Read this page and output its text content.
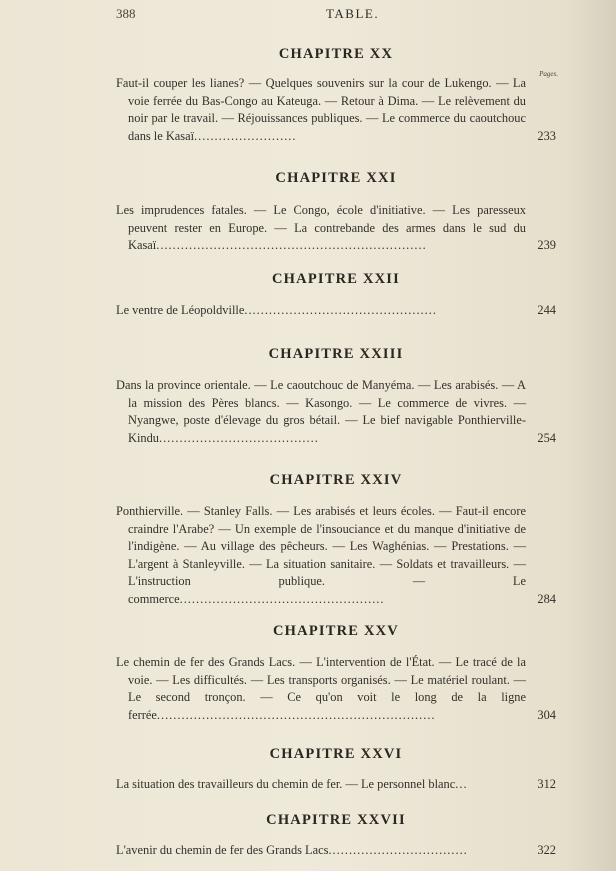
388	TABLE.
CHAPITRE XX
Pages.
Faut-il couper les lianes? — Quelques souvenirs sur la cour de Lukengo. — La voie ferrée du Bas-Congo au Kateuga. — Retour à Dima. — Le relèvement du noir par le travail. — Réjouissances publiques. — Le commerce du caoutchouc dans le Kasaï.........................	233
CHAPITRE XXI
Les imprudences fatales. — Le Congo, école d'initiative. — Les paresseux peuvent rester en Europe. — La contrebande des armes dans le sud du Kasaï..................................................................	239
CHAPITRE XXII
Le ventre de Léopoldville...............................................	244
CHAPITRE XXIII
Dans la province orientale. — Le caoutchouc de Manyéma. — Les arabisés. — A la mission des Pères blancs. — Kasongo. — Le commerce de vivres. — Nyangwe, poste d'élevage du gros bétail. — Le bief navigable Ponthierville-Kindu.......................................	254
CHAPITRE XXIV
Ponthierville. — Stanley Falls. — Les arabisés et leurs écoles. — Faut-il encore craindre l'Arabe? — Un exemple de l'insouciance et du manque d'initiative de l'indigène. — Au village des pêcheurs. — Les Waghénias. — Prestations. — L'argent à Stanleyville. — La situation sanitaire. — Soldats et travailleurs. — L'instruction publique. — Le commerce..................................................	284
CHAPITRE XXV
Le chemin de fer des Grands Lacs. — L'intervention de l'État. — Le tracé de la voie. — Les difficultés. — Les transports organisés. — Le matériel roulant. — Le second tronçon. — Ce qu'on voit le long de la ligne ferrée....................................................................	304
CHAPITRE XXVI
La situation des travailleurs du chemin de fer. — Le personnel blanc...	312
CHAPITRE XXVII
L'avenir du chemin de fer des Grands Lacs..................................	322
